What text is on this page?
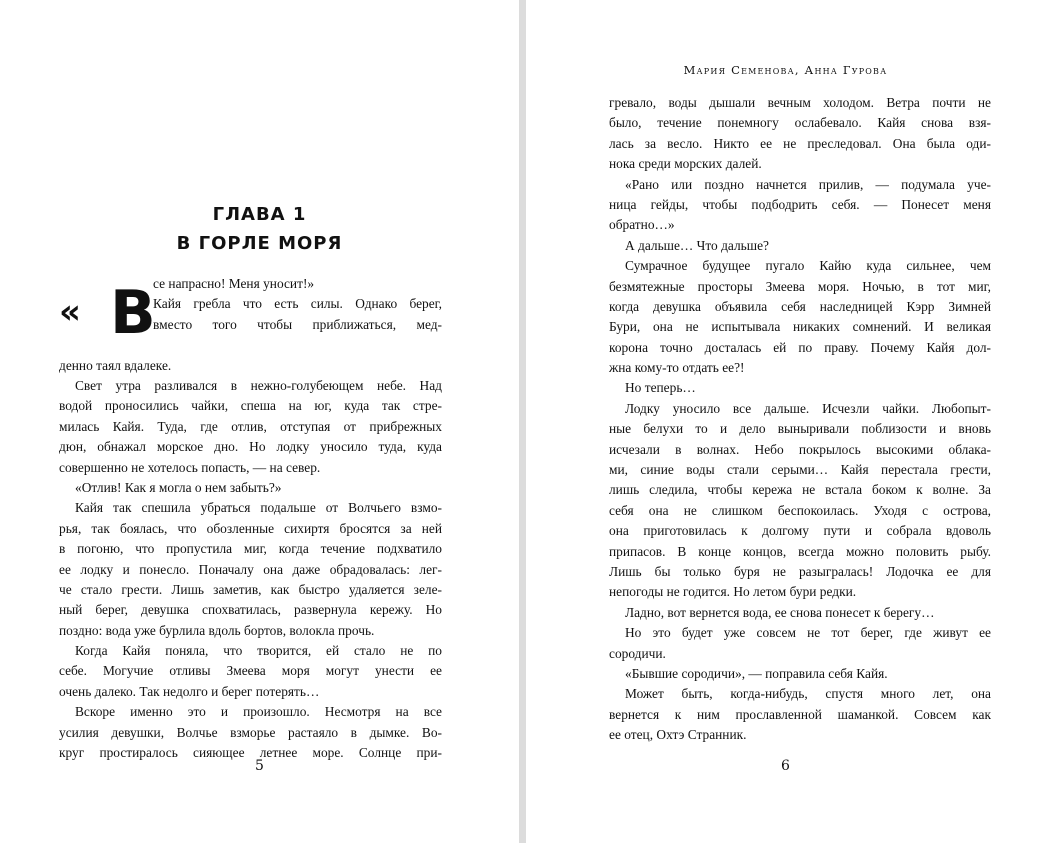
ГЛАВА 1
В ГОРЛЕ МОРЯ
« В
се напрасно! Меня уносит!»
Кайя гребла что есть силы. Однако берег,
вместо того чтобы приближаться, мед-
денно таял вдалеке.
Свет утра разливался в нежно-голубеющем небе. Над
водой проносились чайки, спеша на юг, куда так стре-
милась Кайя. Туда, где отлив, отступая от прибрежных
дюн, обнажал морское дно. Но лодку уносило туда, куда
совершенно не хотелось попасть, — на север.
«Отлив! Как я могла о нем забыть?»
Кайя так спешила убраться подальше от Волчьего взмо-
рья, так боялась, что обозленные сихиртя бросятся за ней
в погоню, что пропустила миг, когда течение подхватило
ее лодку и понесло. Поначалу она даже обрадовалась: лег-
че стало грести. Лишь заметив, как быстро удаляется зеле-
ный берег, девушка спохватилась, развернула кережу. Но
поздно: вода уже бурлила вдоль бортов, волокла прочь.
Когда Кайя поняла, что творится, ей стало не по
себе. Могучие отливы Змеева моря могут унести ее
очень далеко. Так недолго и берег потерять…
Вскоре именно это и произошло. Несмотря на все
усилия девушки, Волчье взморье растаяло в дымке. Во-
круг простиралось сияющее летнее море. Солнце при-
5
Мария Семенова, Анна Гурова
гревало, воды дышали вечным холодом. Ветра почти не
было, течение понемногу ослабевало. Кайя снова взя-
лась за весло. Никто ее не преследовал. Она была оди-
нока среди морских далей.
«Рано или поздно начнется прилив, — подумала уче-
ница гейды, чтобы подбодрить себя. — Понесет меня
обратно…»
А дальше… Что дальше?
Сумрачное будущее пугало Кайю куда сильнее, чем
безмятежные просторы Змеева моря. Ночью, в тот миг,
когда девушка объявила себя наследницей Кэрр Зимней
Бури, она не испытывала никаких сомнений. И великая
корона точно досталась ей по праву. Почему Кайя дол-
жна кому-то отдать ее?!
Но теперь…
Лодку уносило все дальше. Исчезли чайки. Любопыт-
ные белухи то и дело выныривали поблизости и вновь
исчезали в волнах. Небо покрылось высокими облака-
ми, синие воды стали серыми… Кайя перестала грести,
лишь следила, чтобы кережа не встала боком к волне. За
себя она не слишком беспокоилась. Уходя с острова,
она приготовилась к долгому пути и собрала вдоволь
припасов. В конце концов, всегда можно половить рыбу.
Лишь бы только буря не разыгралась! Лодочка ее для
непогоды не годится. Но летом бури редки.
Ладно, вот вернется вода, ее снова понесет к берегу…
Но это будет уже совсем не тот берег, где живут ее
сородичи.
«Бывшие сородичи», — поправила себя Кайя.
Может быть, когда-нибудь, спустя много лет, она
вернется к ним прославленной шаманкой. Совсем как
ее отец, Охтэ Странник.
6
